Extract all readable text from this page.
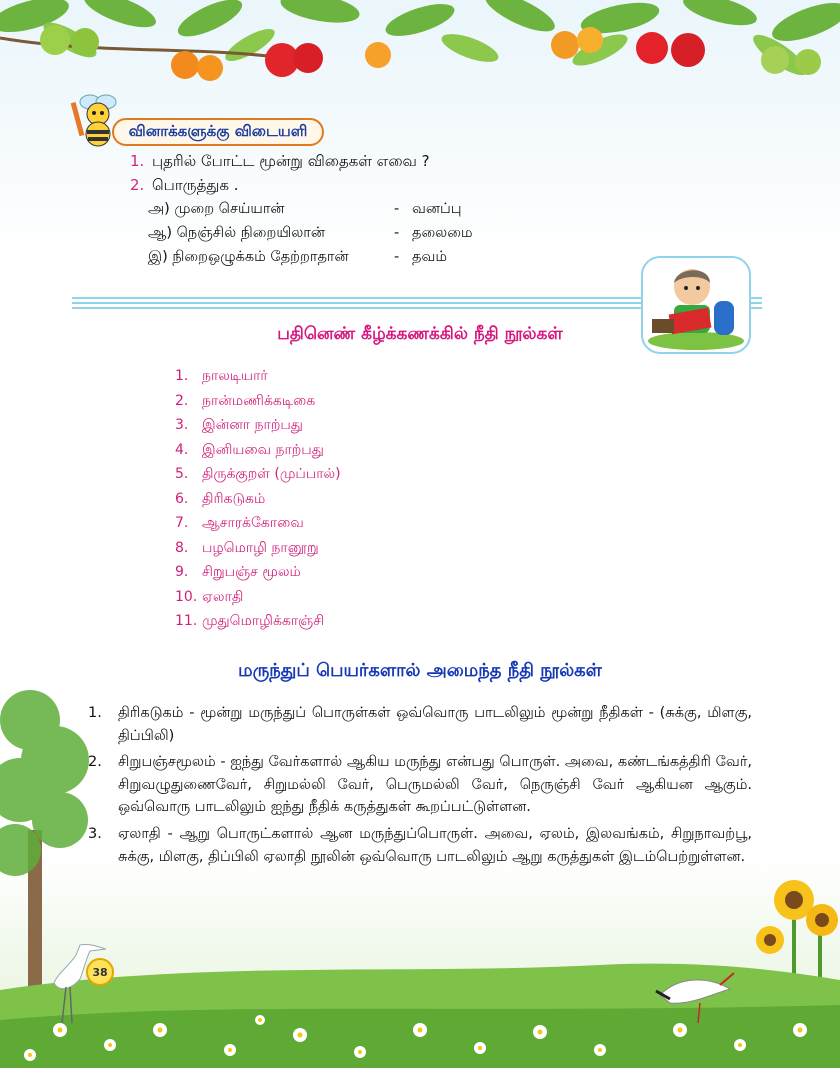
வினாக்களுக்கு விடையளி
1. புதரில் போட்ட மூன்று விதைகள் எவை ?
2. பொருத்துக .
அ) முறை செய்யான்	- வனப்பு
ஆ) நெஞ்சில் நிறையிலான்	- தலைமை
இ) நிறைஒழுக்கம் தேற்றாதான்	- தவம்
பதினெண் கீழ்க்கணக்கில் நீதி நூல்கள்
1. நாலடியார்
2. நான்மணிக்கடிகை
3. இன்னா நாற்பது
4. இனியவை நாற்பது
5. திருக்குறள் (முப்பால்)
6. திரிகடுகம்
7. ஆசாரக்கோவை
8. பழமொழி நானூறு
9. சிறுபஞ்ச மூலம்
10. ஏலாதி
11. முதுமொழிக்காஞ்சி
மருந்துப் பெயர்களால் அமைந்த நீதி நூல்கள்
1. திரிகடுகம் - மூன்று மருந்துப் பொருள்கள் ஒவ்வொரு பாடலிலும் மூன்று நீதிகள் - (சுக்கு, மிளகு, திப்பிலி)
2. சிறுபஞ்சமூலம் - ஐந்து வேர்களால் ஆகிய மருந்து என்பது பொருள். அவை, கண்டங்கத்திரி வேர், சிறுவழுதுணைவேர், சிறுமல்லி வேர், பெருமல்லி வேர், நெருஞ்சி வேர் ஆகியன ஆகும். ஒவ்வொரு பாடலிலும் ஐந்து நீதிக் கருத்துகள் கூறப்பட்டுள்ளன.
3. ஏலாதி - ஆறு பொருட்களால் ஆன மருந்துப்பொருள். அவை, ஏலம், இலவங்கம், சிறுநாவற்பூ, சுக்கு, மிளகு, திப்பிலி ஏலாதி நூலின் ஒவ்வொரு பாடலிலும் ஆறு கருத்துகள் இடம்பெற்றுள்ளன.
38
